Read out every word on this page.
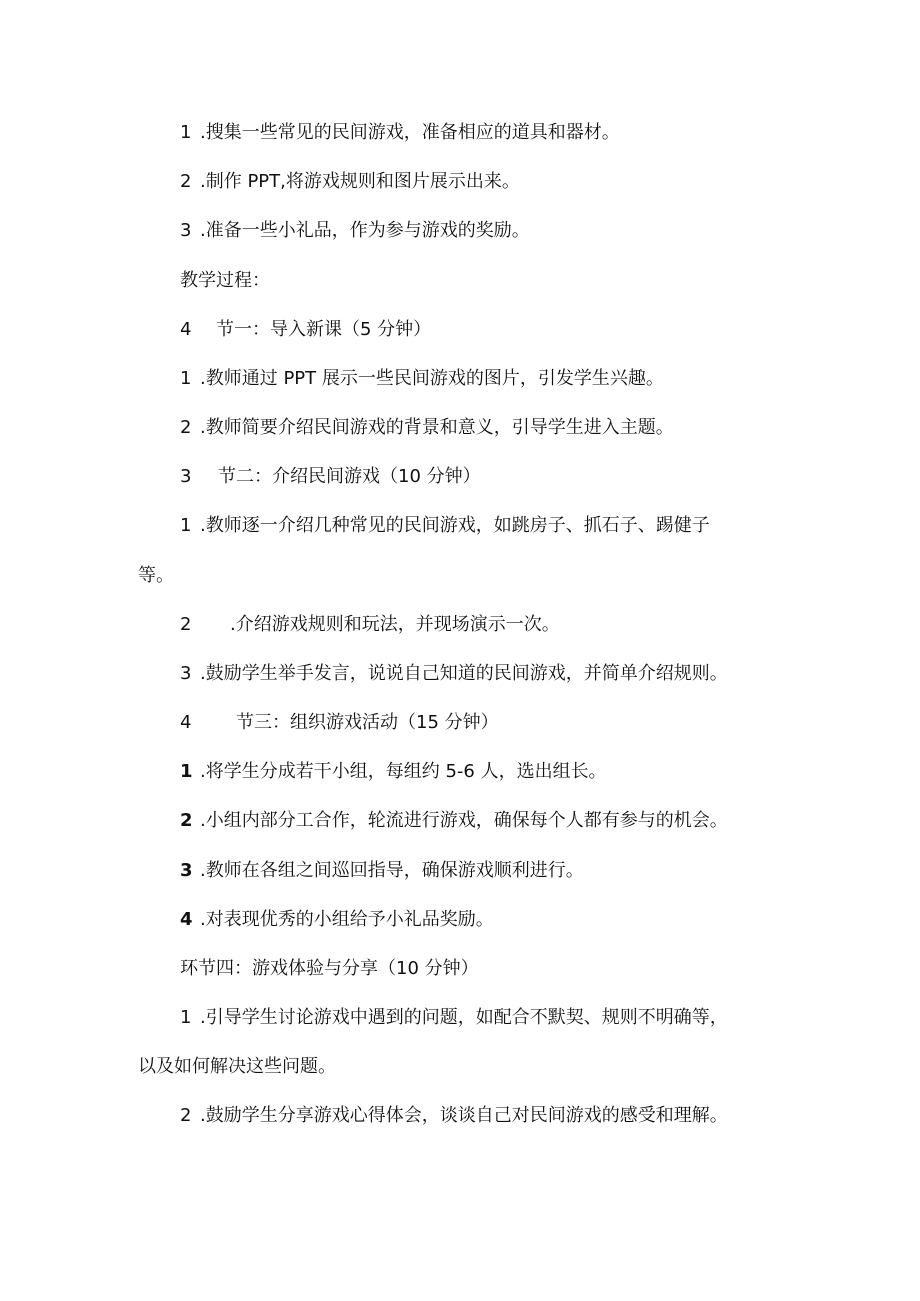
1 .搜集一些常见的民间游戏，准备相应的道具和器材。
2 .制作 PPT,将游戏规则和图片展示出来。
3 .准备一些小礼品，作为参与游戏的奖励。
教学过程：
4 节一：导入新课（5 分钟）
1 .教师通过 PPT 展示一些民间游戏的图片，引发学生兴趣。
2 .教师简要介绍民间游戏的背景和意义，引导学生进入主题。
3 节二：介绍民间游戏（10 分钟）
1 .教师逐一介绍几种常见的民间游戏，如跳房子、抓石子、踢健子
等。
2 .介绍游戏规则和玩法，并现场演示一次。
3 .鼓励学生举手发言，说说自己知道的民间游戏，并简单介绍规则。
4 节三：组织游戏活动（15 分钟）
1 .将学生分成若干小组，每组约 5-6 人，选出组长。
2 .小组内部分工合作，轮流进行游戏，确保每个人都有参与的机会。
3 .教师在各组之间巡回指导，确保游戏顺利进行。
4 .对表现优秀的小组给予小礼品奖励。
环节四：游戏体验与分享（10 分钟）
1 .引导学生讨论游戏中遇到的问题，如配合不默契、规则不明确等，
以及如何解决这些问题。
2 .鼓励学生分享游戏心得体会，谈谈自己对民间游戏的感受和理解。
